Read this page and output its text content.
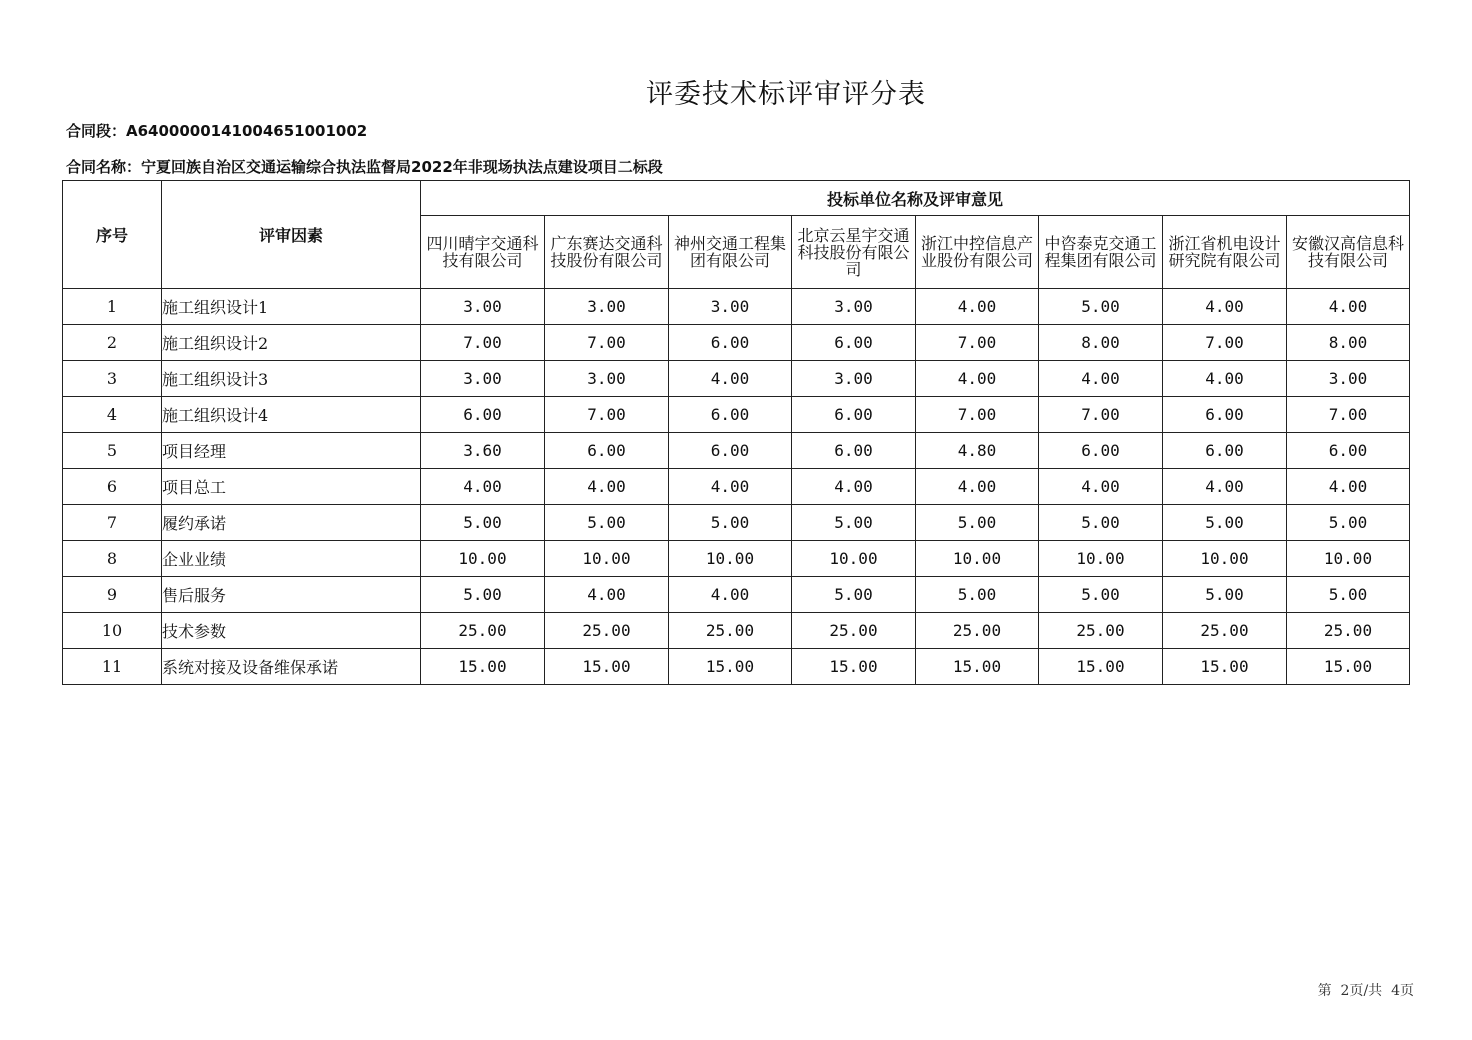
评委技术标评审评分表
合同段：A640000014100465100100​2
合同名称：宁夏回族自治区交通运输综合执法监督局2022年非现场执法点建设项目二标段
序号	评审因素	投标单位名称及评审意见							
		四川晴宇交通科技有限公司	广东赛达交通科技股份有限公司	神州交通工程集团有限公司	北京云星宇交通科技股份有限公司	浙江中控信息产业股份有限公司	中咨泰克交通工程集团有限公司	浙江省机电设计研究院有限公司	安徽汉高信息科技有限公司
1	施工组织设计1	3.00	3.00	3.00	3.00	4.00	5.00	4.00	4.00
2	施工组织设计2	7.00	7.00	6.00	6.00	7.00	8.00	7.00	8.00
3	施工组织设计3	3.00	3.00	4.00	3.00	4.00	4.00	4.00	3.00
4	施工组织设计4	6.00	7.00	6.00	6.00	7.00	7.00	6.00	7.00
5	项目经理	3.60	6.00	6.00	6.00	4.80	6.00	6.00	6.00
6	项目总工	4.00	4.00	4.00	4.00	4.00	4.00	4.00	4.00
7	履约承诺	5.00	5.00	5.00	5.00	5.00	5.00	5.00	5.00
8	企业业绩	10.00	10.00	10.00	10.00	10.00	10.00	10.00	10.00
9	售后服务	5.00	4.00	4.00	5.00	5.00	5.00	5.00	5.00
10	技术参数	25.00	25.00	25.00	25.00	25.00	25.00	25.00	25.00
11	系统对接及设备维保承诺	15.00	15.00	15.00	15.00	15.00	15.00	15.00	15.00
第  2页/共  4页
